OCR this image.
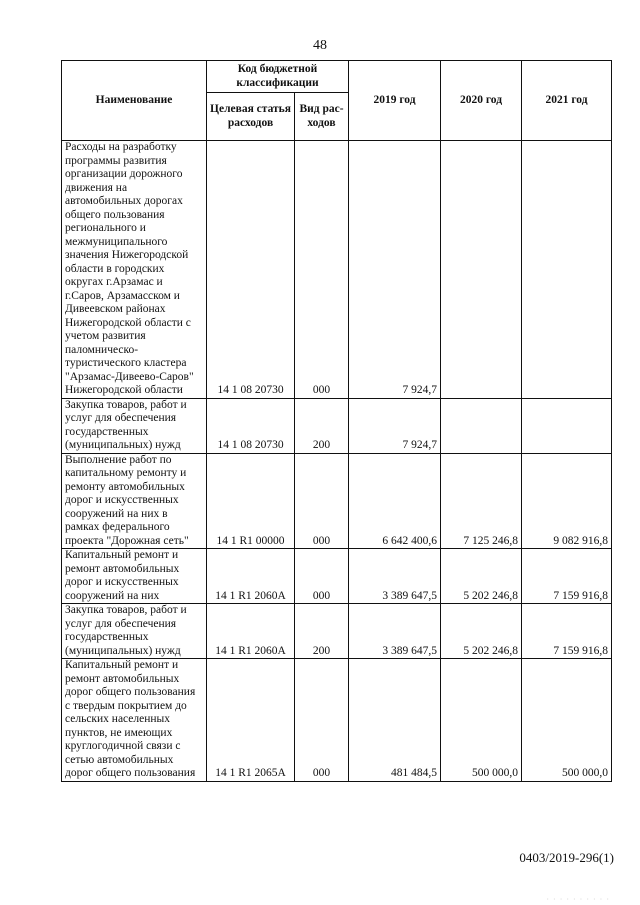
48
Наименование	Код бюджетной классификации		2019 год	2020 год	2021 год
	Целевая статья расходов	Вид рас-ходов			
Расходы на разработку программы развития организации дорожного движения на автомобильных дорогах общего пользования регионального и межмуниципального значения Нижегородской области в городских округах г.Арзамас и г.Саров, Арзамасском и Дивеевском районах Нижегородской области с учетом развития паломническо-туристического кластера "Арзамас-Дивеево-Саров" Нижегородской области	14 1 08 20730	000	7 924,7		
Закупка товаров, работ и услуг для обеспечения государственных (муниципальных) нужд	14 1 08 20730	200	7 924,7		
Выполнение работ по капитальному ремонту и ремонту автомобильных дорог и искусственных сооружений на них в рамках федерального проекта "Дорожная сеть"	14 1 R1 00000	000	6 642 400,6	7 125 246,8	9 082 916,8
Капитальный ремонт и ремонт автомобильных дорог и искусственных сооружений на них	14 1 R1 2060A	000	3 389 647,5	5 202 246,8	7 159 916,8
Закупка товаров, работ и услуг для обеспечения государственных (муниципальных) нужд	14 1 R1 2060A	200	3 389 647,5	5 202 246,8	7 159 916,8
Капитальный ремонт и ремонт автомобильных дорог общего пользования с твердым покрытием до сельских населенных пунктов, не имеющих круглогодичной связи с сетью автомобильных дорог общего пользования	14 1 R1 2065A	000	481 484,5	500 000,0	500 000,0
0403/2019-296(1)
· · · · · · · · · ·
